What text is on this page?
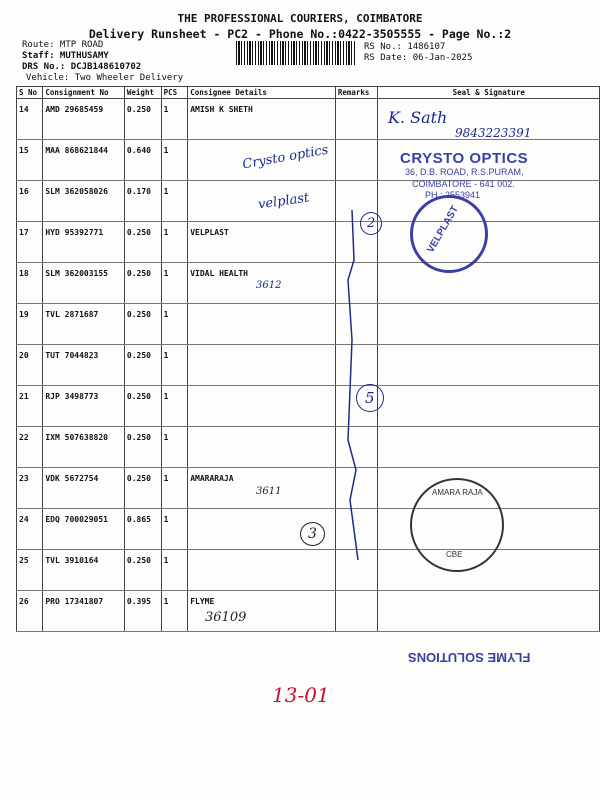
THE PROFESSIONAL COURIERS, COIMBATORE
Delivery Runsheet - PC2 - Phone No.:0422-3505555 - Page No.:2
Route: MTP ROAD
Staff: MUTHUSAMY
DRS No.: DCJB148610702
Vehicle: Two Wheeler Delivery
RS No.: 1486107
RS Date: 06-Jan-2025
S No	Consignment No	Weight	PCS	Consignee Details	Remarks	Seal & Signature
14	AMD 29685459	0.250	1	AMISH K SHETH		
15	MAA 868621844	0.640	1			
16	SLM 362058026	0.170	1			
17	HYD 95392771	0.250	1	VELPLAST		
18	SLM 362003155	0.250	1	VIDAL HEALTH		
19	TVL 2871687	0.250	1			
20	TUT 7044823	0.250	1			
21	RJP 3498773	0.250	1			
22	IXM 507638820	0.250	1			
23	VDK 5672754	0.250	1	AMARARAJA		
24	EDQ 700029051	0.865	1			
25	TVL 3910164	0.250	1			
26	PRO 17341807	0.395	1	FLYME		
CRYSTO OPTICS
36, D.B. ROAD, R.S.PURAM,
COIMBATORE - 641 002.
PH : 2553941
VELPLAST
AMARA RAJA
CBE
FLYME SOLUTIONS
K. Sath
9843223391
Crysto optics
velplast
2
5
3
3612
3611
36109
13-01
